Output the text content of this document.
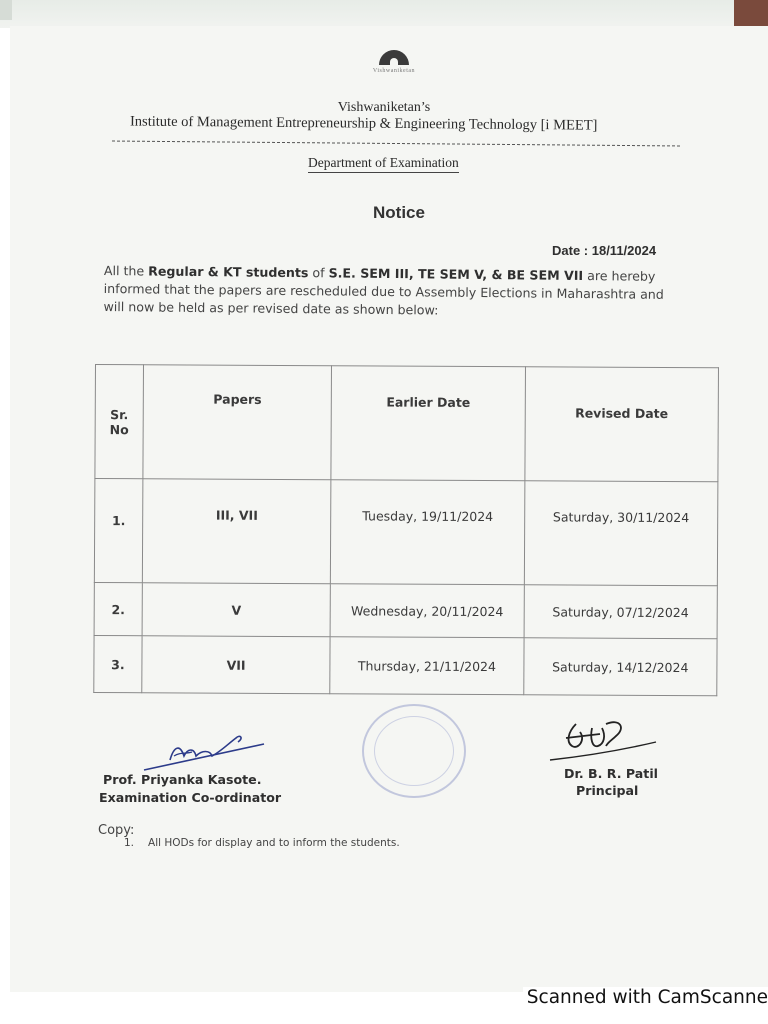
Vishwaniketan
Vishwaniketan’s
Institute of Management Entrepreneurship & Engineering Technology [i MEET]
Department of Examination
Notice
Date : 18/11/2024
All the Regular & KT students of S.E. SEM III, TE SEM V, & BE SEM VII are hereby informed that the papers are rescheduled due to Assembly Elections in Maharashtra and will now be held as per revised date as shown below:
Sr. No	Papers	Earlier Date	Revised Date
1.	III, VII	Tuesday, 19/11/2024	Saturday, 30/11/2024
2.	V	Wednesday, 20/11/2024	Saturday, 07/12/2024
3.	VII	Thursday, 21/11/2024	Saturday, 14/12/2024
Prof. Priyanka Kasote.
Examination Co-ordinator
Dr. B. R. Patil
Principal
Copy:
1. All HODs for display and to inform the students.
Scanned with CamScanne
